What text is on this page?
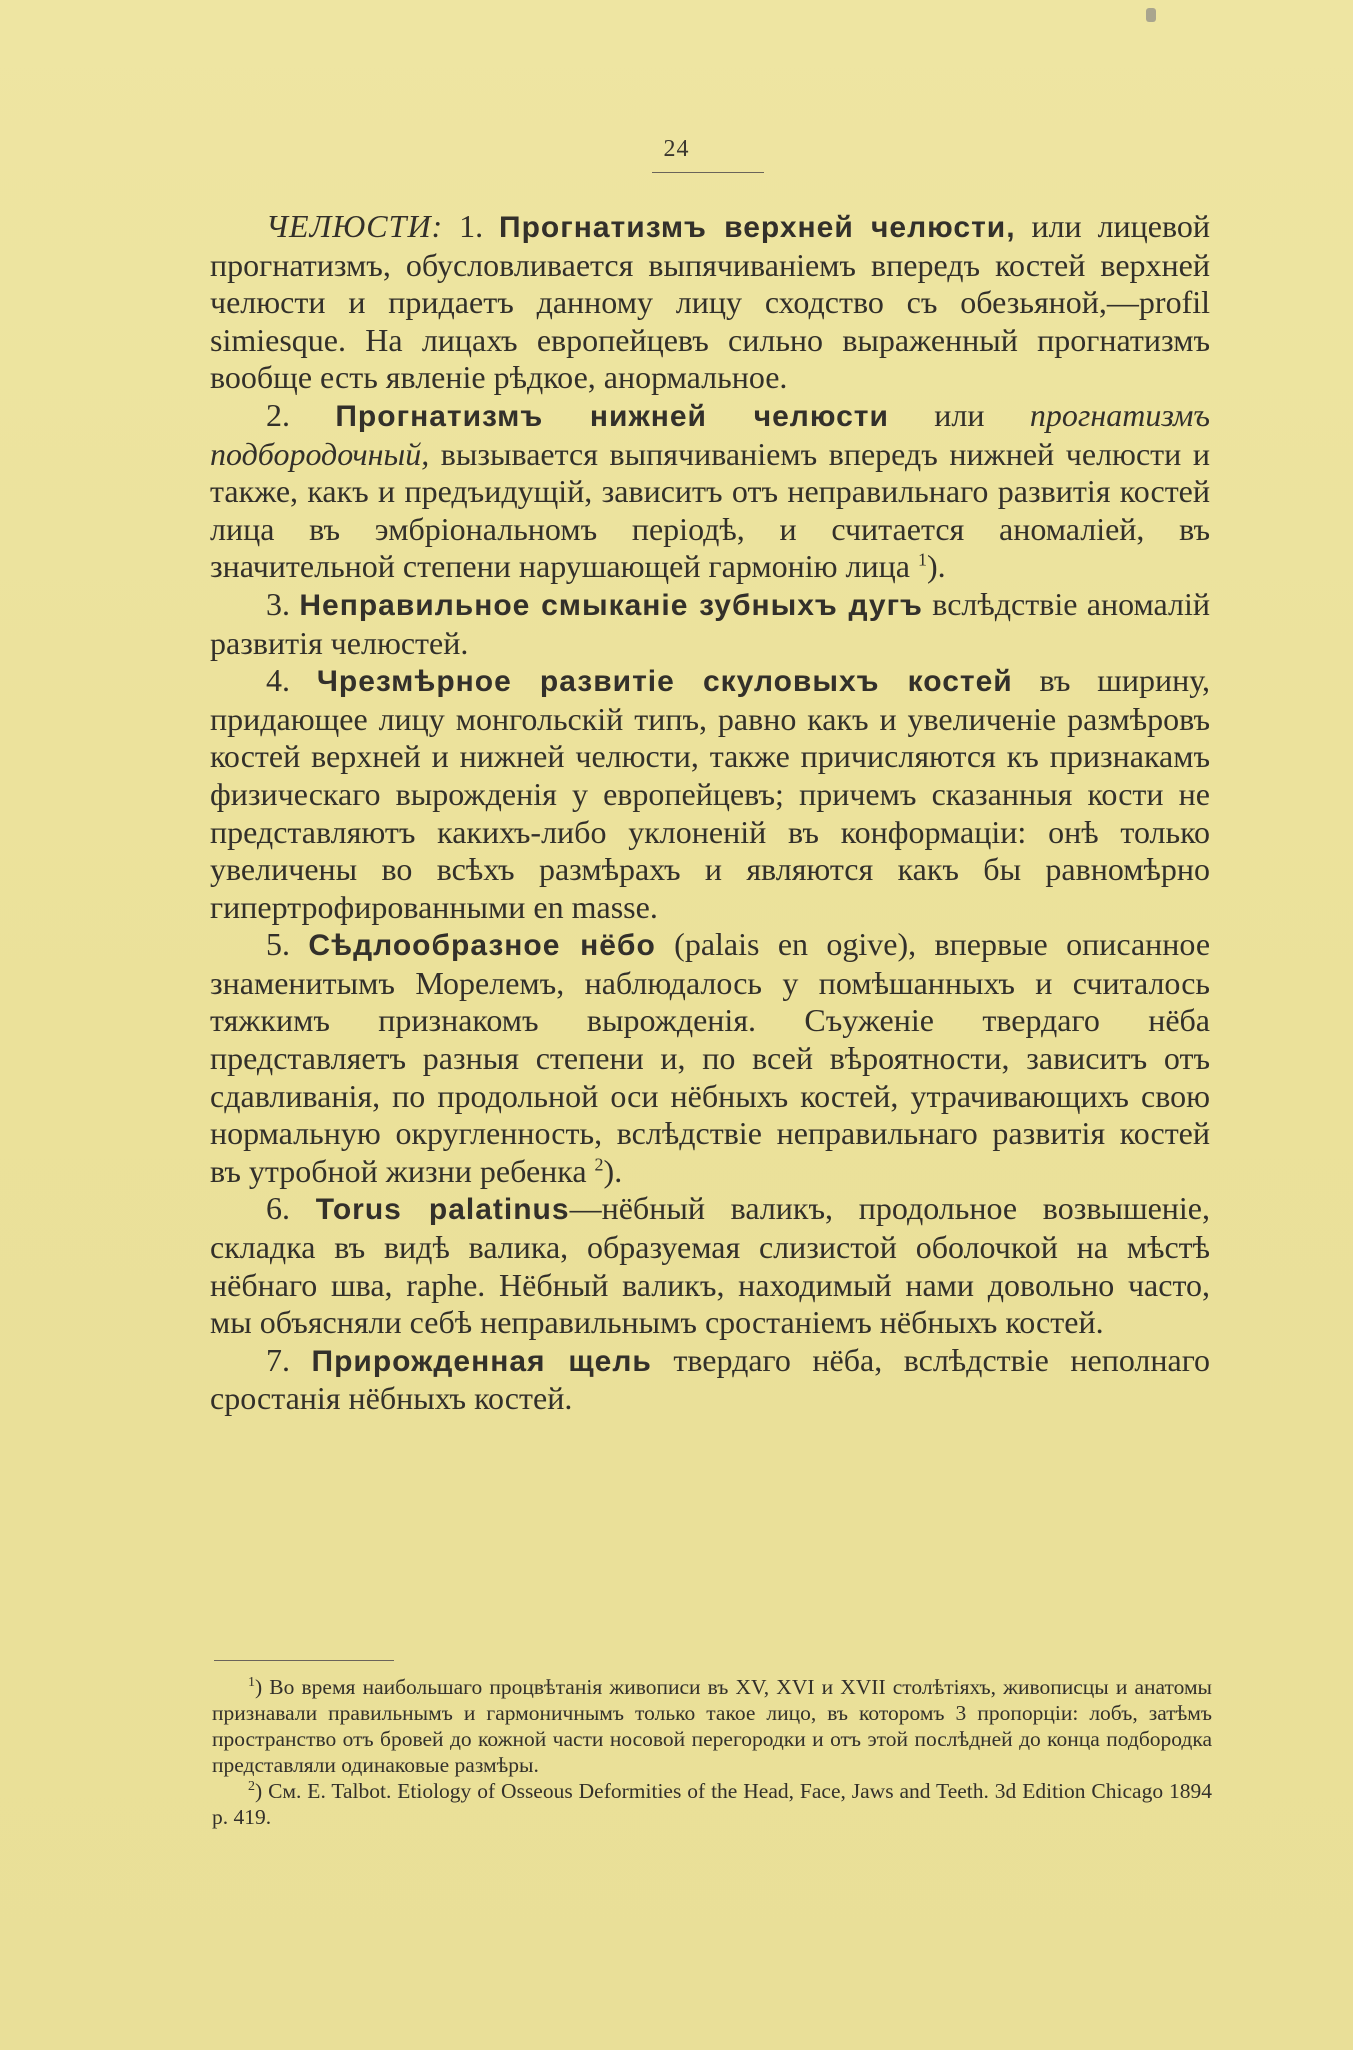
24

ЧЕЛЮСТИ: 1. Прогнатизмъ верхней челюсти, или лицевой прогнатизмъ, обусловливается выпячиваніемъ впередъ костей верхней челюсти и придаетъ данному лицу сходство съ обезьяной,—profil simiesque. На лицахъ европейцевъ сильно выраженный прогнатизмъ вообще есть явленіе рѣдкое, анормальное.

2. Прогнатизмъ нижней челюсти или прогнатизмъ подбородочный, вызывается выпячиваніемъ впередъ нижней челюсти и также, какъ и предъидущій, зависитъ отъ неправильнаго развитія костей лица въ эмбріональномъ періодѣ, и считается аномаліей, въ значительной степени нарушающей гармонію лица $^1$).

3. Неправильное смыканіе зубныхъ дугъ вслѣдствіе аномалій развитія челюстей.

4. Чрезмѣрное развитіе скуловыхъ костей въ ширину, придающее лицу монгольскій типъ, равно какъ и увеличеніе размѣровъ костей верхней и нижней челюсти, также причисляются къ признакамъ физическаго вырожденія у европейцевъ; причемъ сказанныя кости не представляютъ какихъ-либо уклоненій въ конформаціи: онѣ только увеличены во всѣхъ размѣрахъ и являются какъ бы равномѣрно гипертрофированными en masse.

5. Сѣдлообразное нёбо (palais en ogive), впервые описанное знаменитымъ Морелемъ, наблюдалось у помѣшанныхъ и считалось тяжкимъ признакомъ вырожденія. Съуженіе твердаго нёба представляетъ разныя степени и, по всей вѣроятности, зависитъ отъ сдавливанія, по продольной оси нёбныхъ костей, утрачивающихъ свою нормальную округленность, вслѣдствіе неправильнаго развитія костей въ утробной жизни ребенка $^2$).

6. Torus palatinus—нёбный валикъ, продольное возвышеніе, складка въ видѣ валика, образуемая слизистой оболочкой на мѣстѣ нёбнаго шва, raphe. Нёбный валикъ, находимый нами довольно часто, мы объясняли себѣ неправильнымъ сростаніемъ нёбныхъ костей.

7. Прирожденная щель твердаго нёба, вслѣдствіе неполнаго сростанія нёбныхъ костей.

$^1$) Во время наибольшаго процвѣтанія живописи въ XV, XVI и XVII столѣтіяхъ, живописцы и анатомы признавали правильнымъ и гармоничнымъ только такое лицо, въ которомъ 3 пропорціи: лобъ, затѣмъ пространство отъ бровей до кожной части носовой перегородки и отъ этой послѣдней до конца подбородка представляли одинаковые размѣры.

$^2$) См. E. Talbot. Etiology of Osseous Deformities of the Head, Face, Jaws and Teeth. 3d Edition Chicago 1894 p. 419.
